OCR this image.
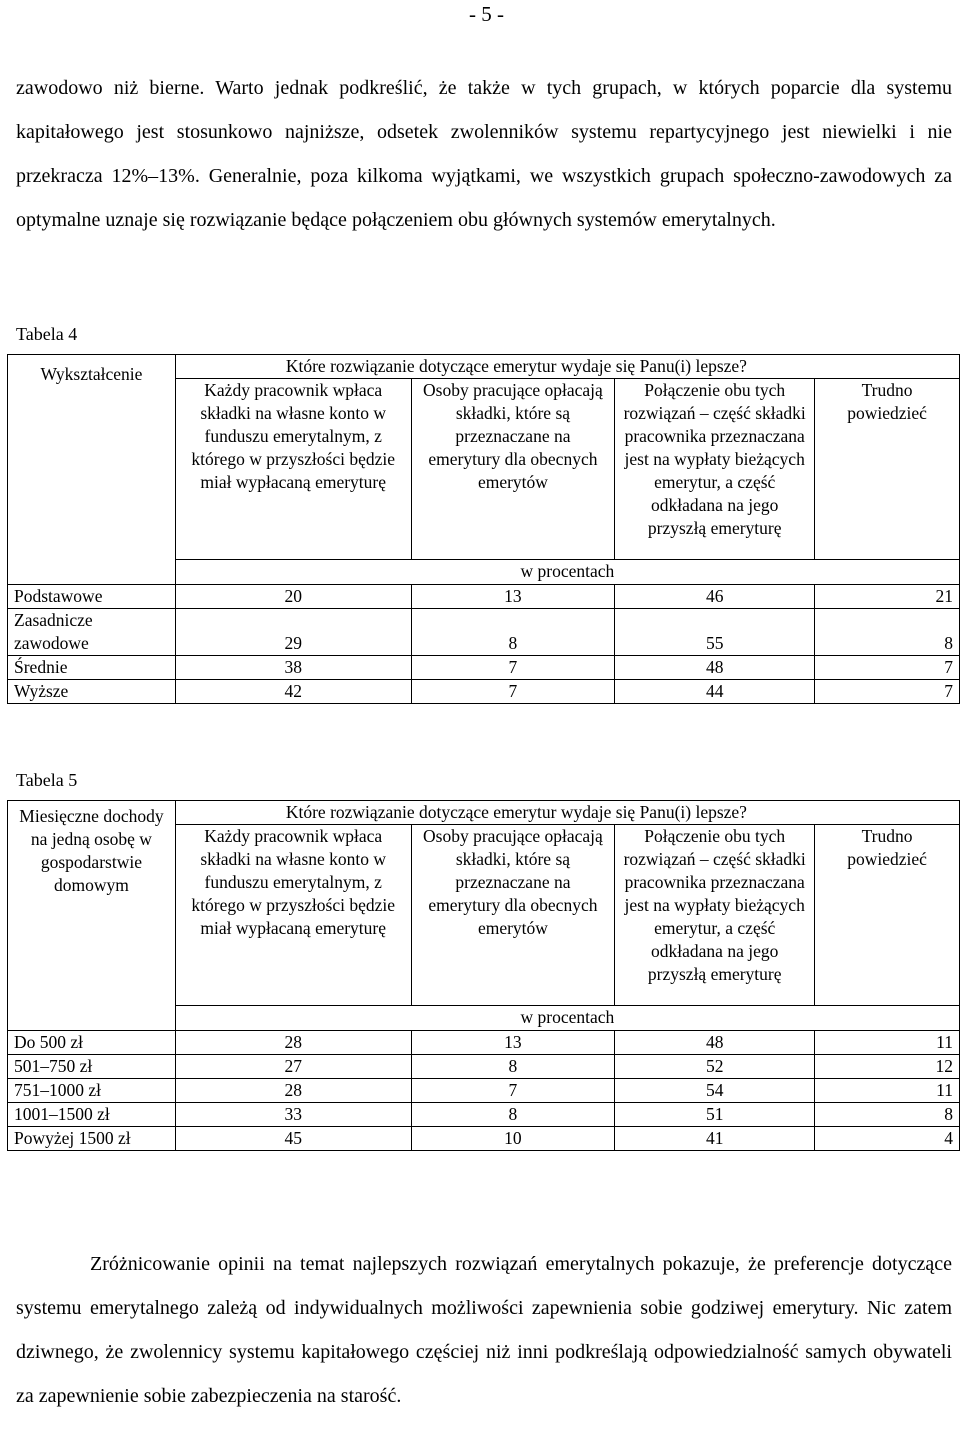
- 5 -

zawodowo niż bierne. Warto jednak podkreślić, że także w tych grupach, w których poparcie dla systemu kapitałowego jest stosunkowo najniższe, odsetek zwolenników systemu repartycyjnego jest niewielki i nie przekracza 12%–13%. Generalnie, poza kilkoma wyjątkami, we wszystkich grupach społeczno-zawodowych za optymalne uznaje się rozwiązanie będące połączeniem obu głównych systemów emerytalnych.

Tabela 4
Wykształcenie	Które rozwiązanie dotyczące emerytur wydaje się Panu(i) lepsze?			
	Każdy pracownik wpłaca składki na własne konto w funduszu emerytalnym, z którego w przyszłości będzie miał wypłacaną emeryturę	Osoby pracujące opłacają składki, które są przeznaczane na emerytury dla obecnych emerytów	Połączenie obu tych rozwiązań – część składki pracownika przeznaczana jest na wypłaty bieżących emerytur, a część odkładana na jego przyszłą emeryturę	Trudno powiedzieć
	w procentach			
Podstawowe	20	13	46	21
Zasadnicze zawodowe	29	8	55	8
Średnie	38	7	48	7
Wyższe	42	7	44	7
Tabela 5
Miesięczne dochody na jedną osobę w gospodarstwie domowym	Które rozwiązanie dotyczące emerytur wydaje się Panu(i) lepsze?			
	Każdy pracownik wpłaca składki na własne konto w funduszu emerytalnym, z którego w przyszłości będzie miał wypłacaną emeryturę	Osoby pracujące opłacają składki, które są przeznaczane na emerytury dla obecnych emerytów	Połączenie obu tych rozwiązań – część składki pracownika przeznaczana jest na wypłaty bieżących emerytur, a część odkładana na jego przyszłą emeryturę	Trudno powiedzieć
	w procentach			
Do 500 zł	28	13	48	11
501–750 zł	27	8	52	12
751–1000 zł	28	7	54	11
1001–1500 zł	33	8	51	8
Powyżej 1500 zł	45	10	41	4

Zróżnicowanie opinii na temat najlepszych rozwiązań emerytalnych pokazuje, że preferencje dotyczące systemu emerytalnego zależą od indywidualnych możliwości zapewnienia sobie godziwej emerytury. Nic zatem dziwnego, że zwolennicy systemu kapitałowego częściej niż inni podkreślają odpowiedzialność samych obywateli za zapewnienie sobie zabezpieczenia na starość.
